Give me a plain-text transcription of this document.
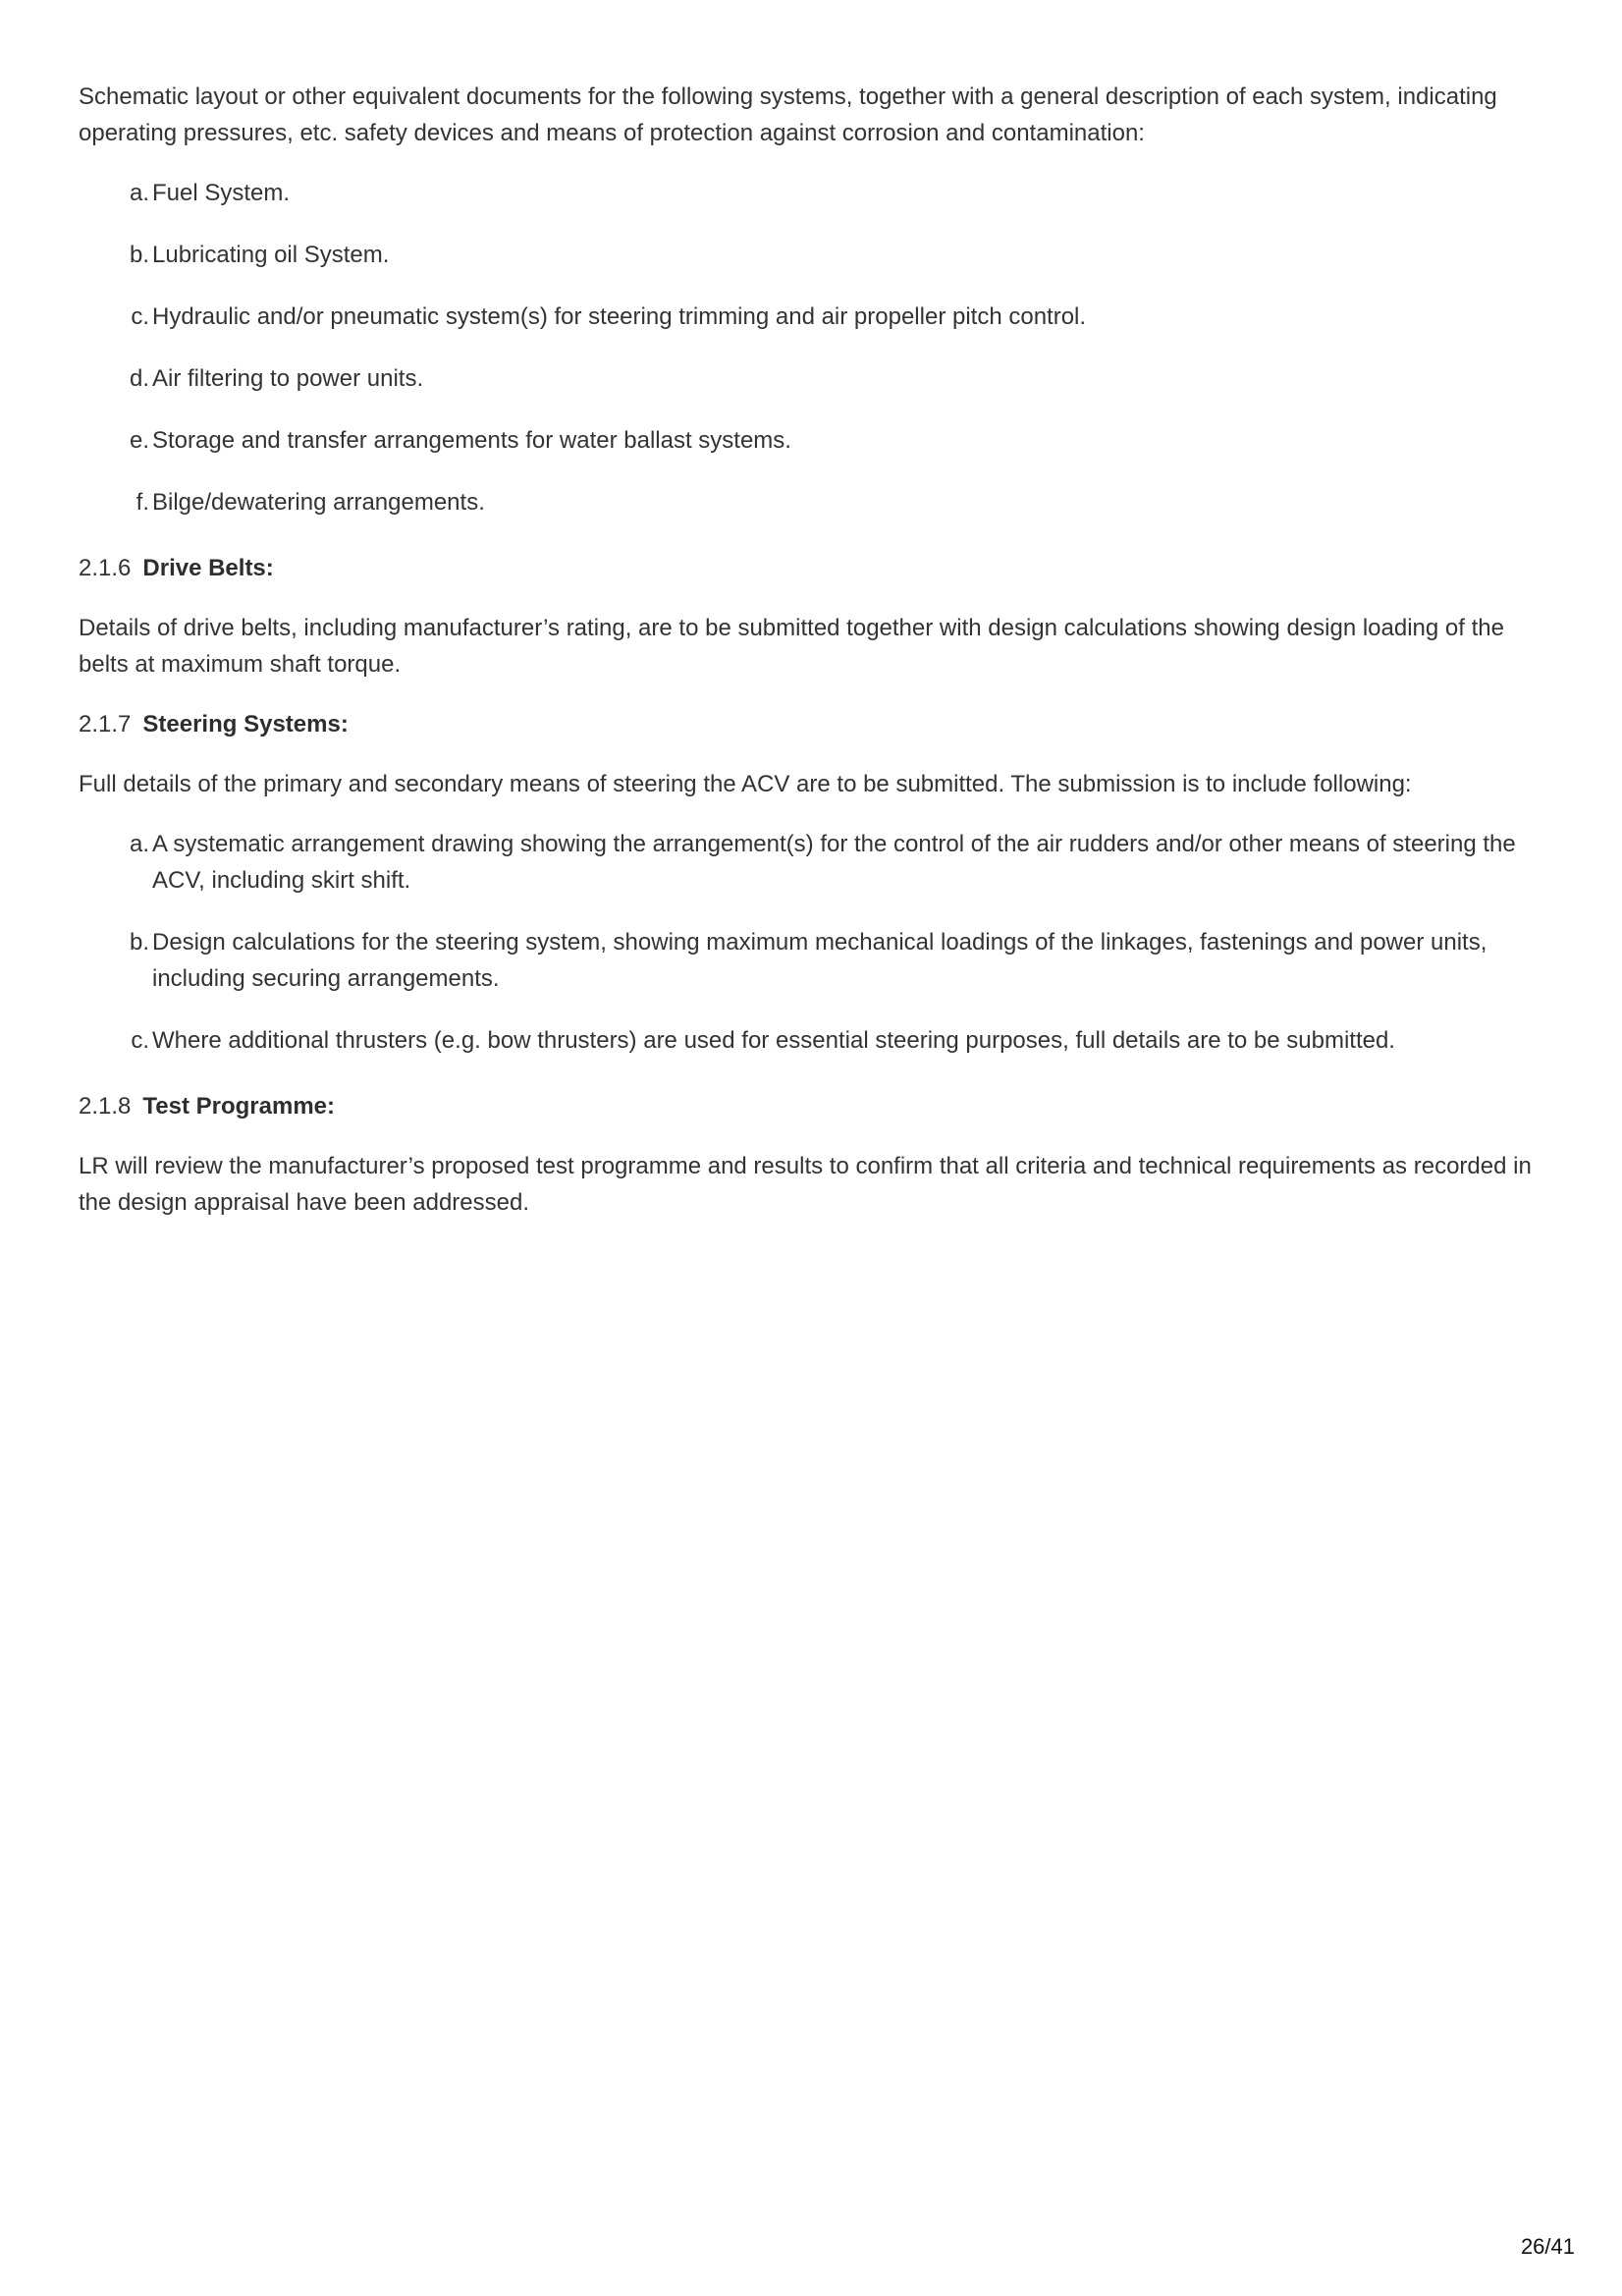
Schematic layout or other equivalent documents for the following systems, together with a general description of each system, indicating operating pressures, etc. safety devices and means of protection against corrosion and contamination:

a. Fuel System.
b. Lubricating oil System.
c. Hydraulic and/or pneumatic system(s) for steering trimming and air propeller pitch control.
d. Air filtering to power units.
e. Storage and transfer arrangements for water ballast systems.
f. Bilge/dewatering arrangements.

2.1.6 Drive Belts:

Details of drive belts, including manufacturer’s rating, are to be submitted together with design calculations showing design loading of the belts at maximum shaft torque.

2.1.7 Steering Systems:

Full details of the primary and secondary means of steering the ACV are to be submitted. The submission is to include following:

a. A systematic arrangement drawing showing the arrangement(s) for the control of the air rudders and/or other means of steering the ACV, including skirt shift.
b. Design calculations for the steering system, showing maximum mechanical loadings of the linkages, fastenings and power units, including securing arrangements.
c. Where additional thrusters (e.g. bow thrusters) are used for essential steering purposes, full details are to be submitted.

2.1.8 Test Programme:

LR will review the manufacturer’s proposed test programme and results to confirm that all criteria and technical requirements as recorded in the design appraisal have been addressed.

26/41
